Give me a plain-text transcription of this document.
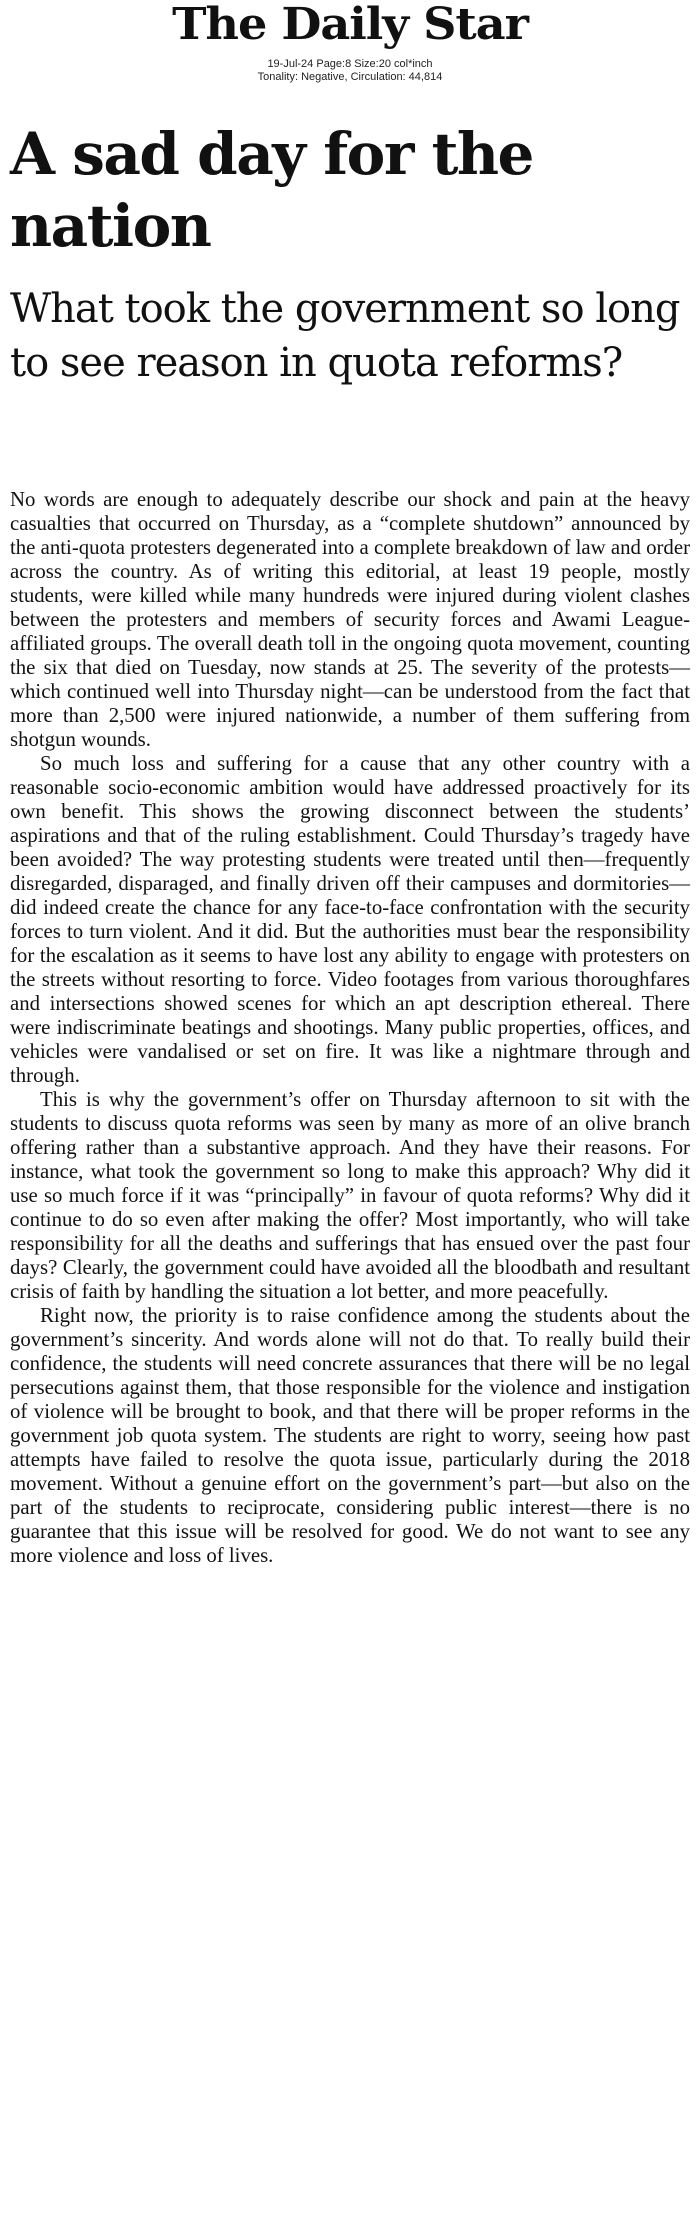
The Daily Star
19-Jul-24 Page:8 Size:20 col*inch
Tonality: Negative, Circulation: 44,814
A sad day for the nation
What took the government so long to see reason in quota reforms?

No words are enough to adequately describe our shock and pain at the heavy casualties that occurred on Thursday, as a “complete shutdown” announced by the anti-quota protesters degenerated into a complete breakdown of law and order across the country. As of writing this editorial, at least 19 people, mostly students, were killed while many hundreds were injured during violent clashes between the protesters and members of security forces and Awami League-affiliated groups. The overall death toll in the ongoing quota movement, counting the six that died on Tuesday, now stands at 25. The severity of the protests—which continued well into Thursday night—can be understood from the fact that more than 2,500 were injured nationwide, a number of them suffering from shotgun wounds.

So much loss and suffering for a cause that any other country with a reasonable socio-economic ambition would have addressed proactively for its own benefit. This shows the growing disconnect between the students’ aspirations and that of the ruling establishment. Could Thursday’s tragedy have been avoided? The way protesting students were treated until then—frequently disregarded, disparaged, and finally driven off their campuses and dormitories—did indeed create the chance for any face-to-face confrontation with the security forces to turn violent. And it did. But the authorities must bear the responsibility for the escalation as it seems to have lost any ability to engage with protesters on the streets without resorting to force. Video footages from various thoroughfares and intersections showed scenes for which an apt description ethereal. There were indiscriminate beatings and shootings. Many public properties, offices, and vehicles were vandalised or set on fire. It was like a nightmare through and through.

This is why the government’s offer on Thursday afternoon to sit with the students to discuss quota reforms was seen by many as more of an olive branch offering rather than a substantive approach. And they have their reasons. For instance, what took the government so long to make this approach? Why did it use so much force if it was “principally” in favour of quota reforms? Why did it continue to do so even after making the offer? Most importantly, who will take responsibility for all the deaths and sufferings that has ensued over the past four days? Clearly, the government could have avoided all the bloodbath and resultant crisis of faith by handling the situation a lot better, and more peacefully.

Right now, the priority is to raise confidence among the students about the government’s sincerity. And words alone will not do that. To really build their confidence, the students will need concrete assurances that there will be no legal persecutions against them, that those responsible for the violence and instigation of violence will be brought to book, and that there will be proper reforms in the government job quota system. The students are right to worry, seeing how past attempts have failed to resolve the quota issue, particularly during the 2018 movement. Without a genuine effort on the government’s part—but also on the part of the students to reciprocate, considering public interest—there is no guarantee that this issue will be resolved for good. We do not want to see any more violence and loss of lives.
